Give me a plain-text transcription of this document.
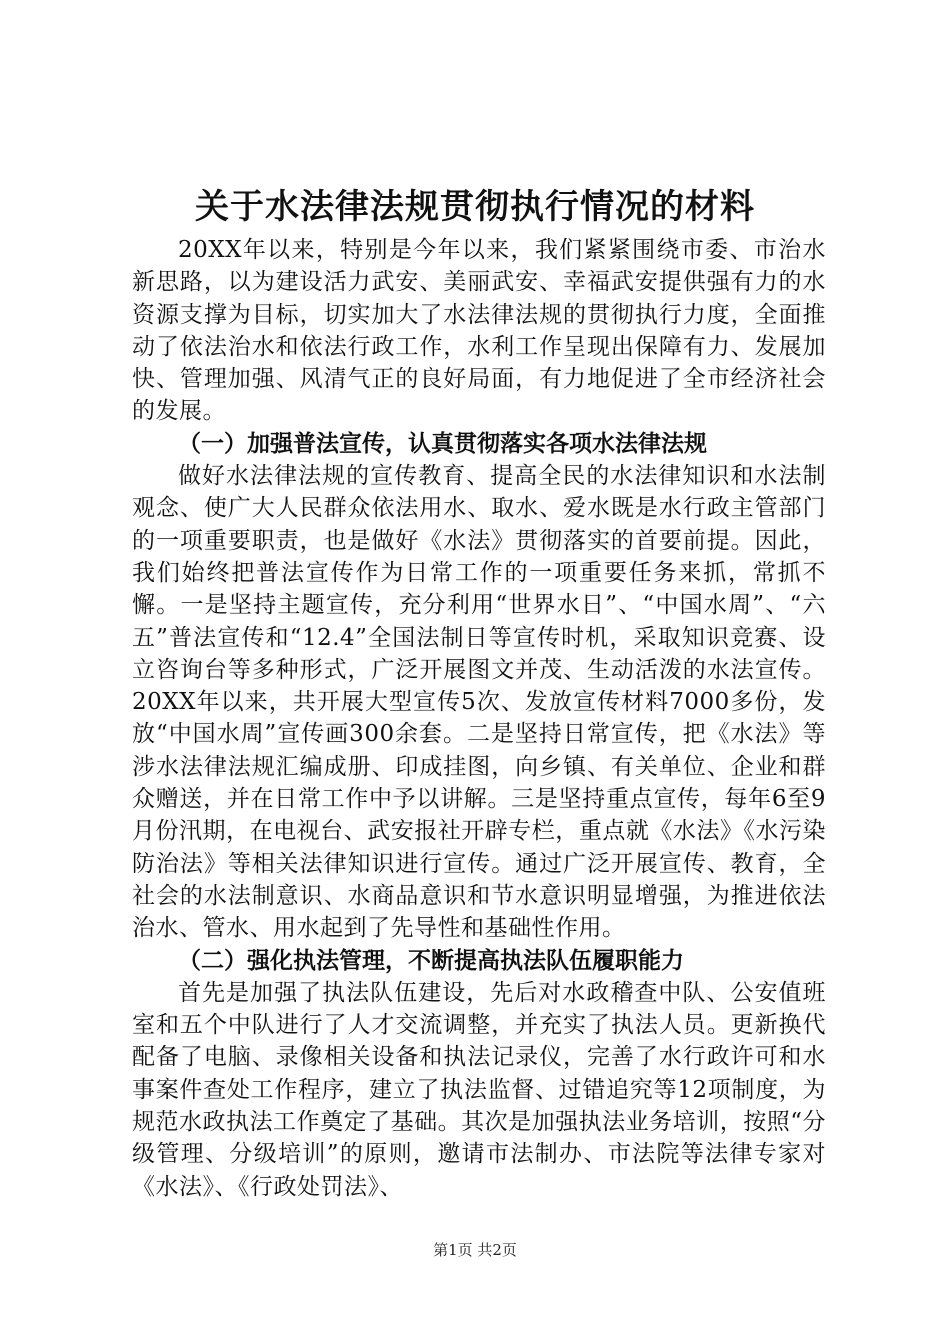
关于水法律法规贯彻执行情况的材料

20XX年以来，特别是今年以来，我们紧紧围绕市委、市治水新思路，以为建设活力武安、美丽武安、幸福武安提供强有力的水资源支撑为目标，切实加大了水法律法规的贯彻执行力度，全面推动了依法治水和依法行政工作，水利工作呈现出保障有力、发展加快、管理加强、风清气正的良好局面，有力地促进了全市经济社会的发展。

（一）加强普法宣传，认真贯彻落实各项水法律法规

做好水法律法规的宣传教育、提高全民的水法律知识和水法制观念、使广大人民群众依法用水、取水、爱水既是水行政主管部门的一项重要职责，也是做好《水法》贯彻落实的首要前提。因此，我们始终把普法宣传作为日常工作的一项重要任务来抓，常抓不懈。一是坚持主题宣传，充分利用“世界水日”、“中国水周”、“六五”普法宣传和“12.4”全国法制日等宣传时机，采取知识竞赛、设立咨询台等多种形式，广泛开展图文并茂、生动活泼的水法宣传。20XX年以来，共开展大型宣传5次、发放宣传材料7000多份，发放“中国水周”宣传画300余套。二是坚持日常宣传，把《水法》等涉水法律法规汇编成册、印成挂图，向乡镇、有关单位、企业和群众赠送，并在日常工作中予以讲解。三是坚持重点宣传，每年6至9月份汛期，在电视台、武安报社开辟专栏，重点就《水法》《水污染防治法》等相关法律知识进行宣传。通过广泛开展宣传、教育，全社会的水法制意识、水商品意识和节水意识明显增强，为推进依法治水、管水、用水起到了先导性和基础性作用。

（二）强化执法管理，不断提高执法队伍履职能力

首先是加强了执法队伍建设，先后对水政稽查中队、公安值班室和五个中队进行了人才交流调整，并充实了执法人员。更新换代配备了电脑、录像相关设备和执法记录仪，完善了水行政许可和水事案件查处工作程序，建立了执法监督、过错追究等12项制度，为规范水政执法工作奠定了基础。其次是加强执法业务培训，按照“分级管理、分级培训”的原则，邀请市法制办、市法院等法律专家对《水法》、《行政处罚法》、

第1页 共2页
